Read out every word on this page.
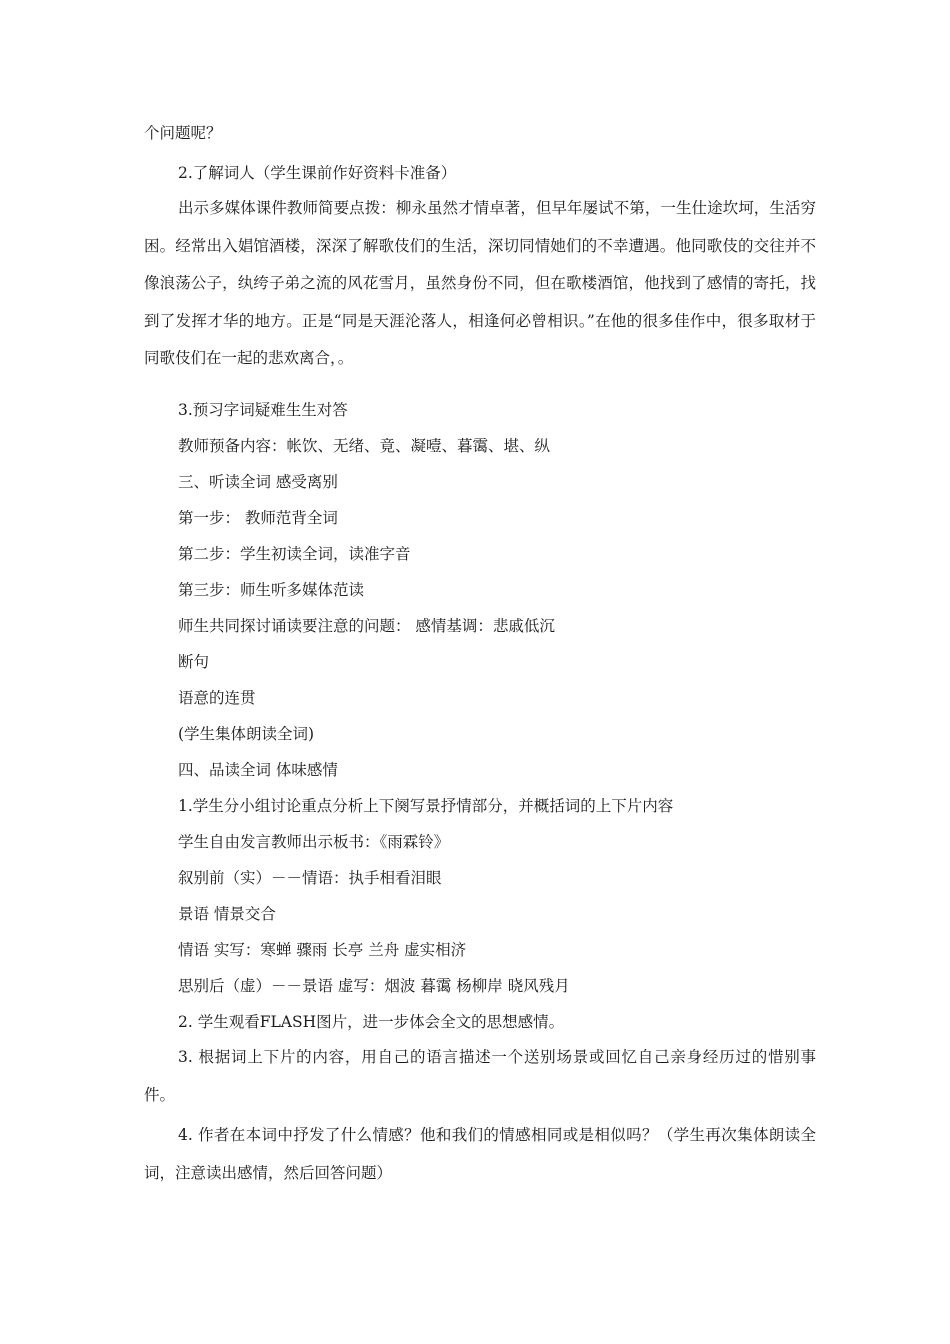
个问题呢？
2.了解词人（学生课前作好资料卡准备）
出示多媒体课件教师简要点拨：柳永虽然才情卓著，但早年屡试不第，一生仕途坎坷，生活穷困。经常出入娼馆酒楼，深深了解歌伎们的生活，深切同情她们的不幸遭遇。他同歌伎的交往并不像浪荡公子，纨绔子弟之流的风花雪月，虽然身份不同，但在歌楼酒馆，他找到了感情的寄托，找到了发挥才华的地方。正是“同是天涯沦落人，相逢何必曾相识。”在他的很多佳作中，很多取材于同歌伎们在一起的悲欢离合，。
3.预习字词疑难生生对答
教师预备内容：帐饮、无绪、竟、凝噎、暮霭、堪、纵
三、听读全词 感受离别
第一步： 教师范背全词
第二步：学生初读全词，读准字音
第三步：师生听多媒体范读
师生共同探讨诵读要注意的问题： 感情基调：悲戚低沉
断句
语意的连贯
(学生集体朗读全词)
四、品读全词 体味感情
1.学生分小组讨论重点分析上下阕写景抒情部分，并概括词的上下片内容
学生自由发言教师出示板书：《雨霖铃》
叙别前（实）－－情语：执手相看泪眼
景语 情景交合
情语 实写：寒蝉 骤雨 长亭 兰舟 虚实相济
思别后（虚）－－景语 虚写：烟波 暮霭 杨柳岸 晓风残月
2. 学生观看FLASH图片，进一步体会全文的思想感情。
3. 根据词上下片的内容，用自己的语言描述一个送别场景或回忆自己亲身经历过的惜别事件。
4. 作者在本词中抒发了什么情感？他和我们的情感相同或是相似吗？（学生再次集体朗读全词，注意读出感情，然后回答问题）
